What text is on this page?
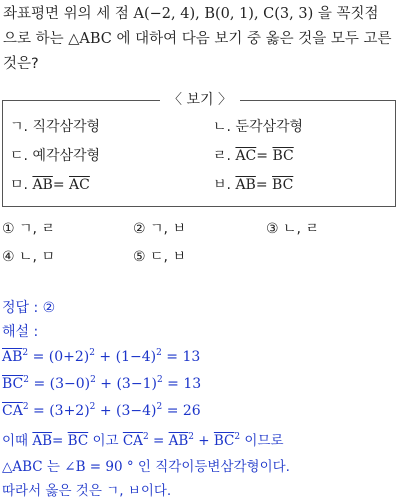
좌표평면 위의 세 점 A(−2, 4), B(0, 1), C(3, 3) 을 꼭짓점
으로 하는 △ABC 에 대하여 다음 보기 중 옳은 것을 모두 고른
것은?
〈 보기 〉
ㄱ. 직각삼각형	ㄴ. 둔각삼각형
ㄷ. 예각삼각형	ㄹ. $\overline{AC}= \overline{BC}$
ㅁ. $\overline{AB}= \overline{AC}$	ㅂ. $\overline{AB}= \overline{BC}$
① ㄱ, ㄹ	② ㄱ, ㅂ	③ ㄴ, ㄹ
④ ㄴ, ㅁ	⑤ ㄷ, ㅂ
정답 : ②
해설 :
$\overline{AB}^2 = (0+2)^2 + (1-4)^2 = 13$
$\overline{BC}^2 = (3-0)^2 + (3-1)^2 = 13$
$\overline{CA}^2 = (3+2)^2 + (3-4)^2 = 26$
이때 $\overline{AB}= \overline{BC}$ 이고 $\overline{CA}^2 = \overline{AB}^2 + \overline{BC}^2$ 이므로
△ABC 는 ∠B = 90 ° 인 직각이등변삼각형이다.
따라서 옳은 것은 ㄱ, ㅂ이다.
